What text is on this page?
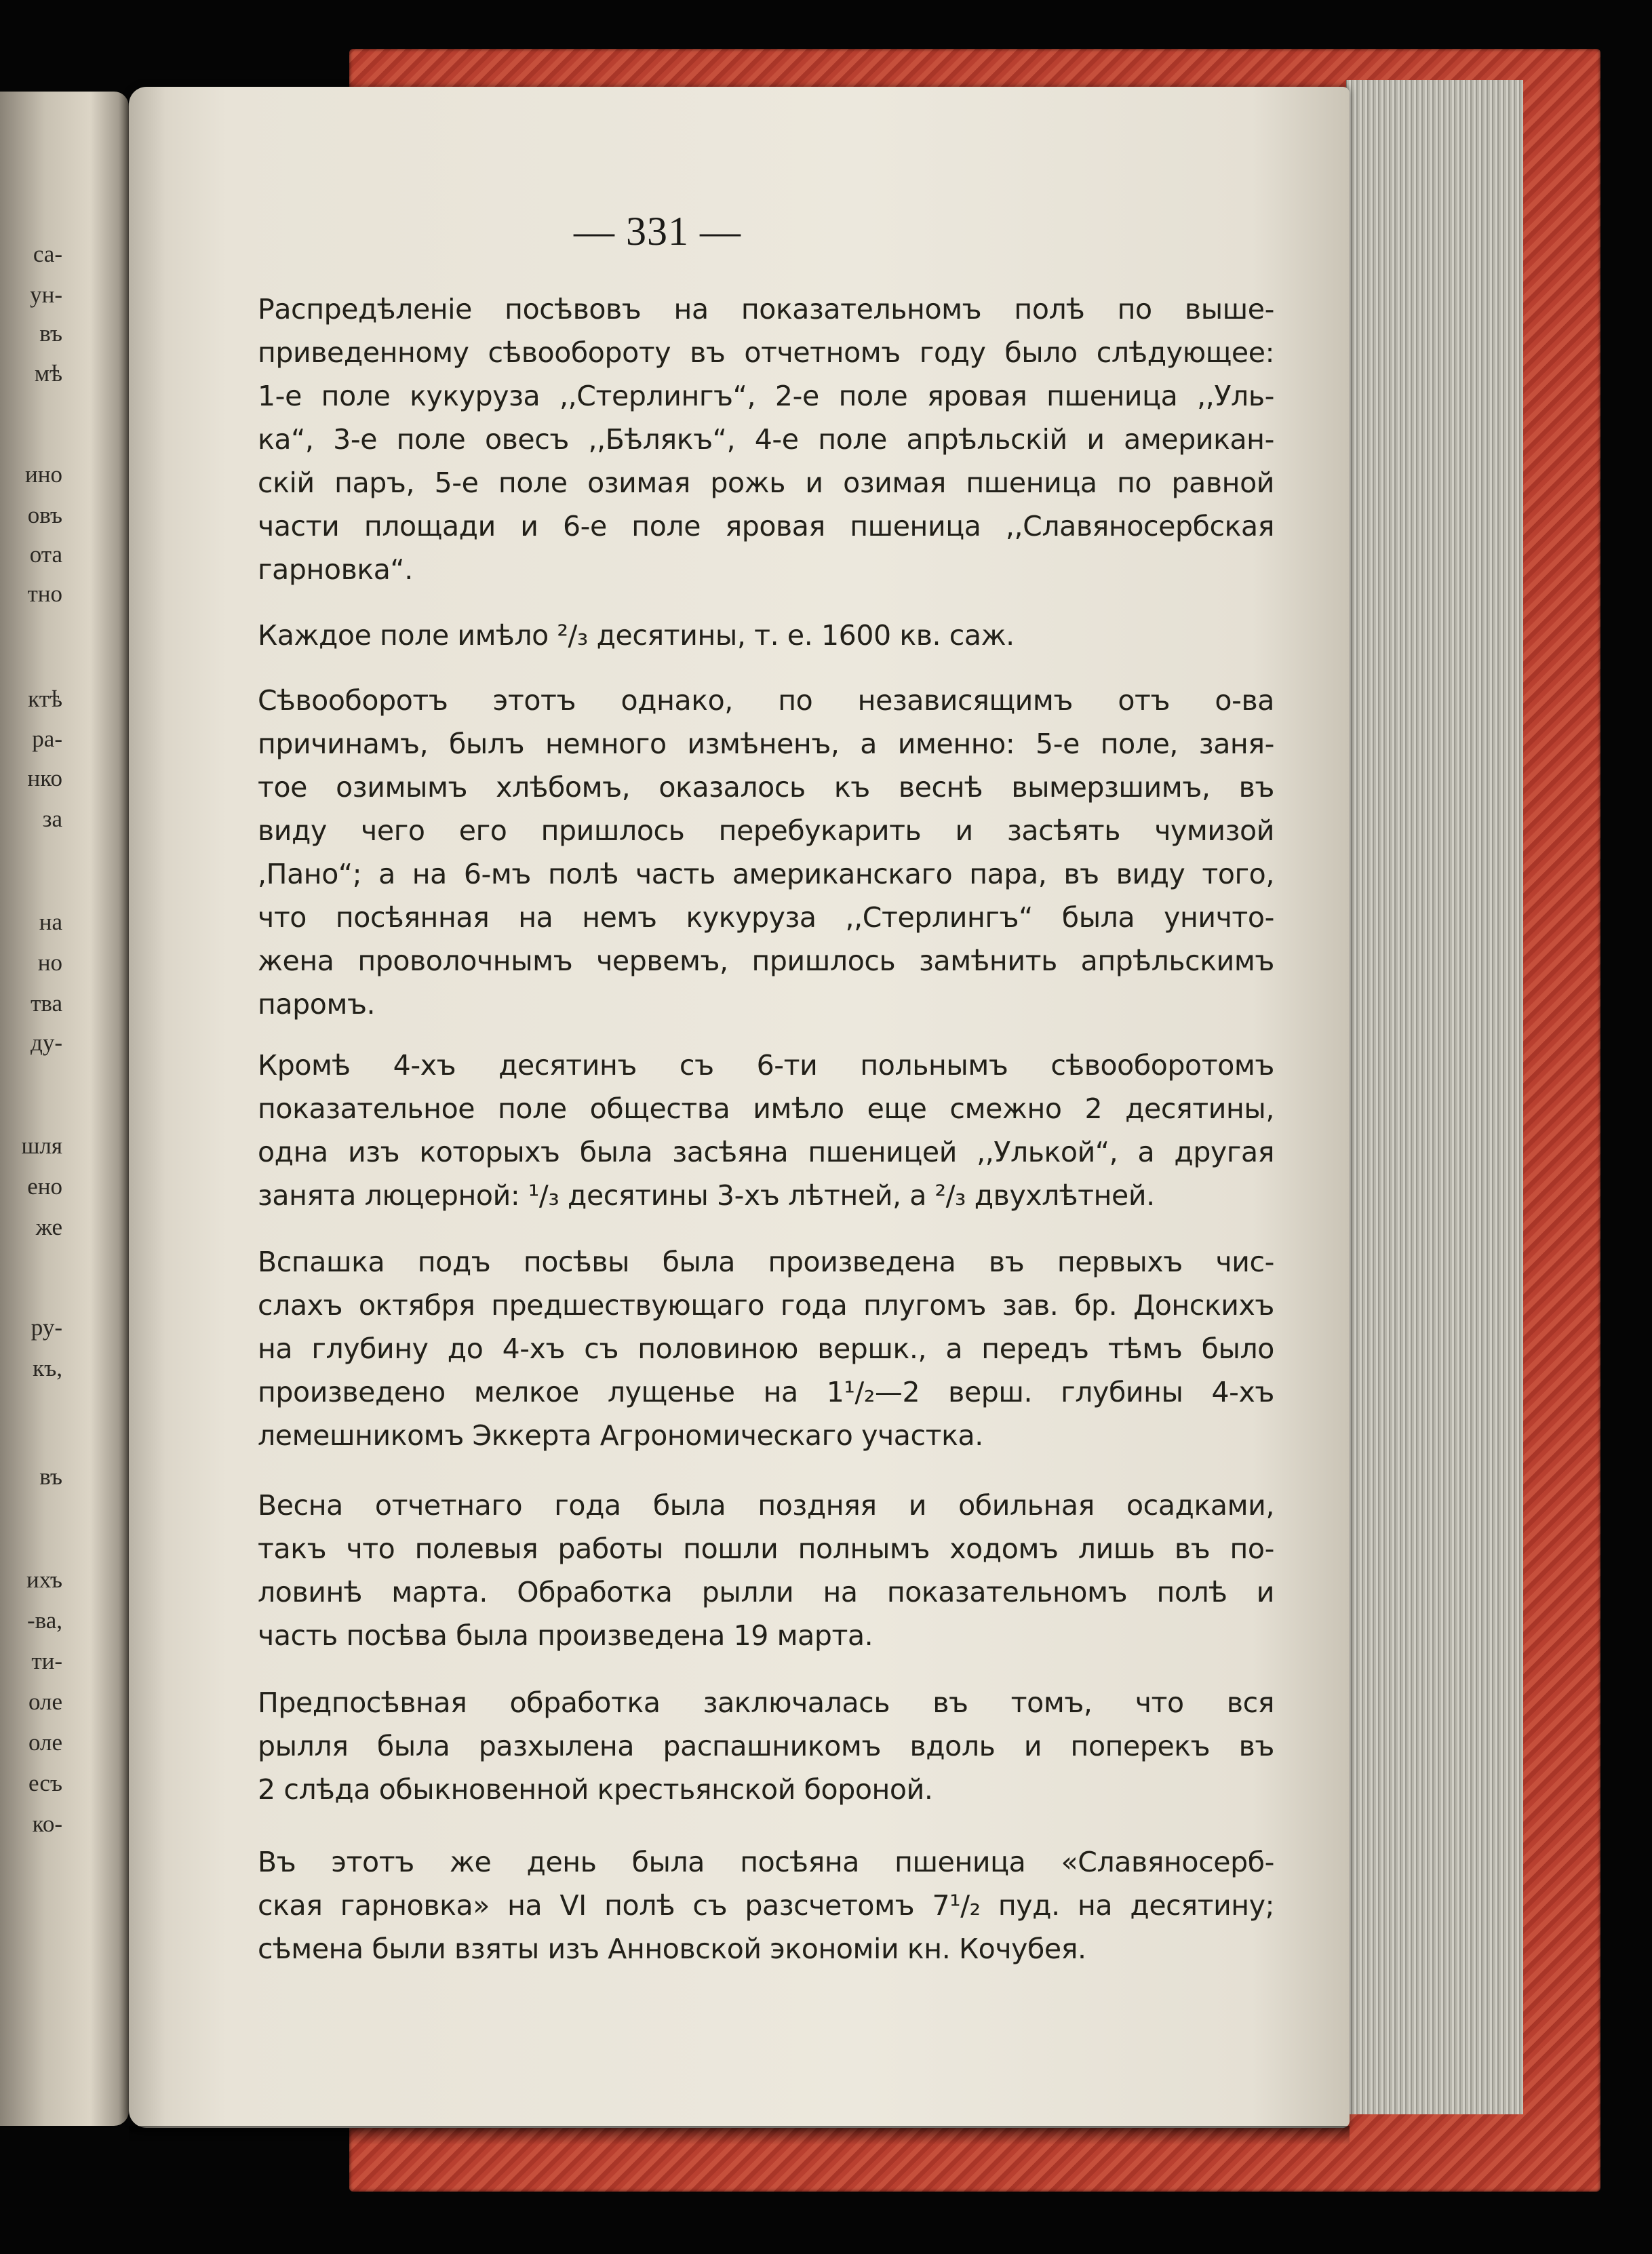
са-
ун-
въ
мѣ
ино
овъ
ота
тно
ктѣ
ра-
нко
за
на
но
тва
ду-
шля
ено
же
ру-
къ,
въ
ихъ
-ва,
ти-
оле
оле
есъ
ко-
— 331 —

Распредѣленіе посѣвовъ на показательномъ полѣ по выше-
приведенному сѣвообороту въ отчетномъ году было слѣдующее:
1-е поле кукуруза ,,Стерлингъ“, 2-е поле яровая пшеница ,,Уль-
ка“, 3-е поле овесъ ,,Бѣлякъ“, 4-е поле апрѣльскій и американ-
скій паръ, 5-е поле озимая рожь и озимая пшеница по равной
части площади и 6-е поле яровая пшеница ,,Славяносербская
гарновка“.

Каждое поле имѣло ²/₃ десятины, т. е. 1600 кв. саж.

Сѣвооборотъ этотъ однако, по независящимъ отъ о-ва
причинамъ, былъ немного измѣненъ, а именно: 5-е поле, заня-
тое озимымъ хлѣбомъ, оказалось къ веснѣ вымерзшимъ, въ
виду чего его пришлось перебукарить и засѣять чумизой
,Пано“; а на 6-мъ полѣ часть американскаго пара, въ виду того,
что посѣянная на немъ кукуруза ,,Стерлингъ“ была уничто-
жена проволочнымъ червемъ, пришлось замѣнить апрѣльскимъ
паромъ.

Кромѣ 4-хъ десятинъ съ 6-ти польнымъ сѣвооборотомъ
показательное поле общества имѣло еще смежно 2 десятины,
одна изъ которыхъ была засѣяна пшеницей ,,Улькой“, а другая
занята люцерной: ¹/₃ десятины 3-хъ лѣтней, а ²/₃ двухлѣтней.

Вспашка подъ посѣвы была произведена въ первыхъ чис-
слахъ октября предшествующаго года плугомъ зав. бр. Донскихъ
на глубину до 4-хъ съ половиною вершк., а передъ тѣмъ было
произведено мелкое лущенье на 1¹/₂—2 верш. глубины 4-хъ
лемешникомъ Эккерта Агрономическаго участка.

Весна отчетнаго года была поздняя и обильная осадками,
такъ что полевыя работы пошли полнымъ ходомъ лишь въ по-
ловинѣ марта. Обработка рылли на показательномъ полѣ и
часть посѣва была произведена 19 марта.

Предпосѣвная обработка заключалась въ томъ, что вся
рылля была разхылена распашникомъ вдоль и поперекъ въ
2 слѣда обыкновенной крестьянской бороной.

Въ этотъ же день была посѣяна пшеница «Славяносерб-
ская гарновка» на VI полѣ съ разсчетомъ 7¹/₂ пуд. на десятину;
сѣмена были взяты изъ Анновской экономіи кн. Кочубея.
